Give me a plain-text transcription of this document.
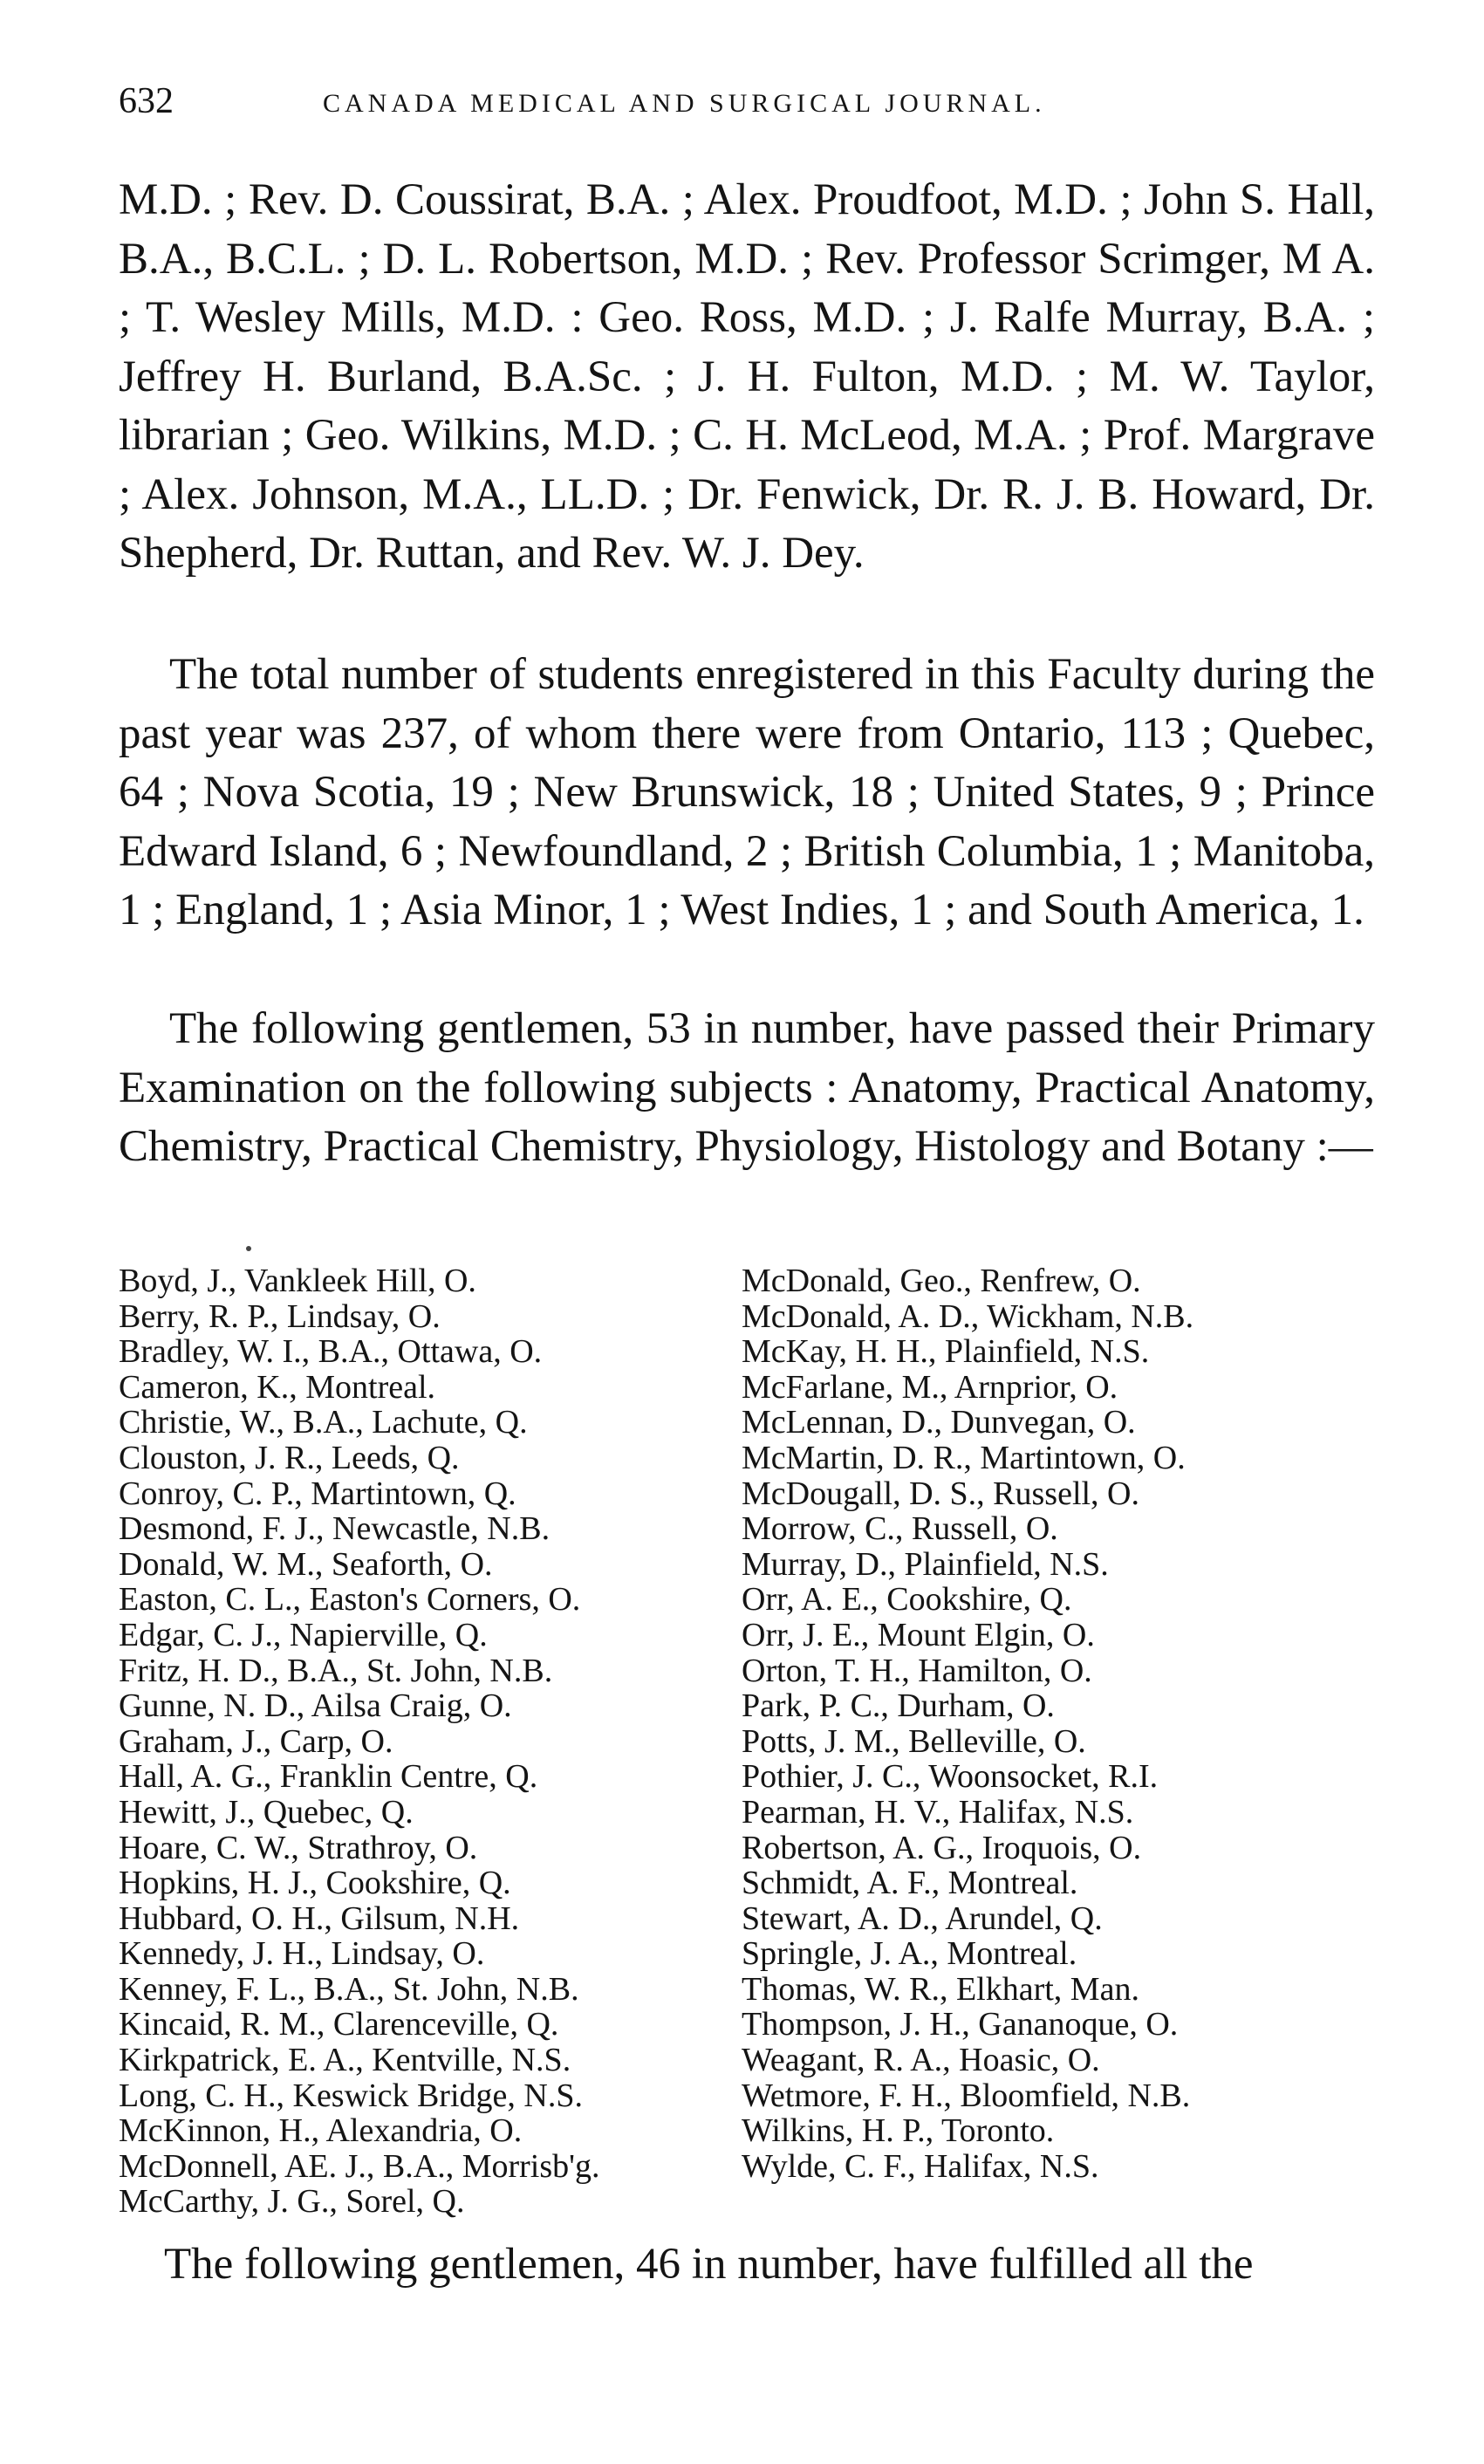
632	CANADA MEDICAL AND SURGICAL JOURNAL.

M.D. ; Rev. D. Coussirat, B.A. ; Alex. Proudfoot, M.D. ; John S. Hall, B.A., B.C.L. ; D. L. Robertson, M.D. ; Rev. Professor Scrimger, M A. ; T. Wesley Mills, M.D. : Geo. Ross, M.D. ; J. Ralfe Murray, B.A. ; Jeffrey H. Burland, B.A.Sc. ; J. H. Fulton, M.D. ; M. W. Taylor, librarian ; Geo. Wilkins, M.D. ; C. H. McLeod, M.A. ; Prof. Margrave ; Alex. Johnson, M.A., LL.D. ; Dr. Fenwick, Dr. R. J. B. Howard, Dr. Shepherd, Dr. Ruttan, and Rev. W. J. Dey.

The total number of students enregistered in this Faculty during the past year was 237, of whom there were from Ontario, 113 ; Quebec, 64 ; Nova Scotia, 19 ; New Brunswick, 18 ; United States, 9 ; Prince Edward Island, 6 ; Newfoundland, 2 ; British Columbia, 1 ; Manitoba, 1 ; England, 1 ; Asia Minor, 1 ; West Indies, 1 ; and South America, 1.

The following gentlemen, 53 in number, have passed their Primary Examination on the following subjects : Anatomy, Practical Anatomy, Chemistry, Practical Chemistry, Physiology, Histology and Botany :—

Boyd, J., Vankleek Hill, O.
Berry, R. P., Lindsay, O.
Bradley, W. I., B.A., Ottawa, O.
Cameron, K., Montreal.
Christie, W., B.A., Lachute, Q.
Clouston, J. R., Leeds, Q.
Conroy, C. P., Martintown, Q.
Desmond, F. J., Newcastle, N.B.
Donald, W. M., Seaforth, O.
Easton, C. L., Easton's Corners, O.
Edgar, C. J., Napierville, Q.
Fritz, H. D., B.A., St. John, N.B.
Gunne, N. D., Ailsa Craig, O.
Graham, J., Carp, O.
Hall, A. G., Franklin Centre, Q.
Hewitt, J., Quebec, Q.
Hoare, C. W., Strathroy, O.
Hopkins, H. J., Cookshire, Q.
Hubbard, O. H., Gilsum, N.H.
Kennedy, J. H., Lindsay, O.
Kenney, F. L., B.A., St. John, N.B.
Kincaid, R. M., Clarenceville, Q.
Kirkpatrick, E. A., Kentville, N.S.
Long, C. H., Keswick Bridge, N.S.
McKinnon, H., Alexandria, O.
McDonnell, AE. J., B.A., Morrisb'g.
McCarthy, J. G., Sorel, Q.
McDonald, Geo., Renfrew, O.
McDonald, A. D., Wickham, N.B.
McKay, H. H., Plainfield, N.S.
McFarlane, M., Arnprior, O.
McLennan, D., Dunvegan, O.
McMartin, D. R., Martintown, O.
McDougall, D. S., Russell, O.
Morrow, C., Russell, O.
Murray, D., Plainfield, N.S.
Orr, A. E., Cookshire, Q.
Orr, J. E., Mount Elgin, O.
Orton, T. H., Hamilton, O.
Park, P. C., Durham, O.
Potts, J. M., Belleville, O.
Pothier, J. C., Woonsocket, R.I.
Pearman, H. V., Halifax, N.S.
Robertson, A. G., Iroquois, O.
Schmidt, A. F., Montreal.
Stewart, A. D., Arundel, Q.
Springle, J. A., Montreal.
Thomas, W. R., Elkhart, Man.
Thompson, J. H., Gananoque, O.
Weagant, R. A., Hoasic, O.
Wetmore, F. H., Bloomfield, N.B.
Wilkins, H. P., Toronto.
Wylde, C. F., Halifax, N.S.

The following gentlemen, 46 in number, have fulfilled all the
